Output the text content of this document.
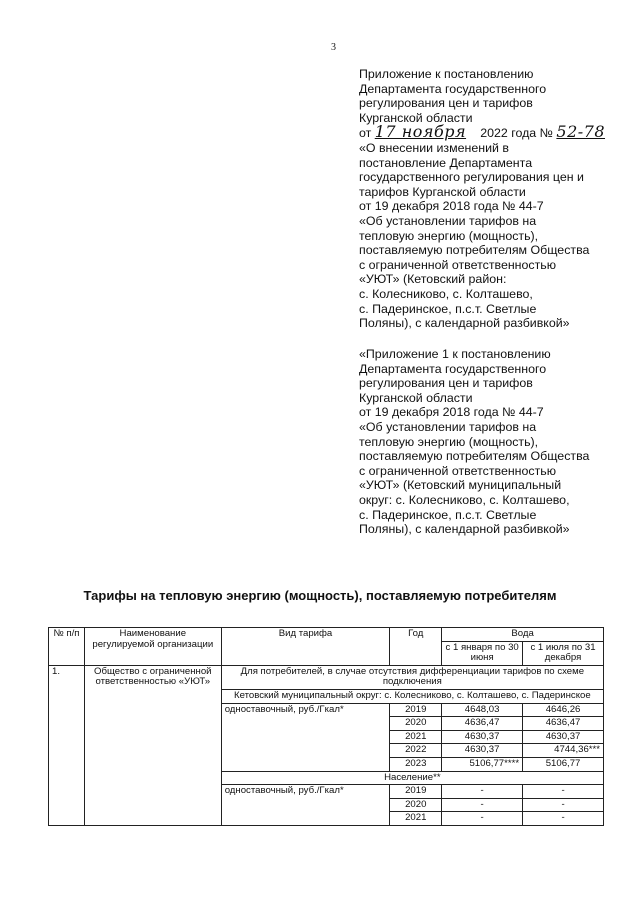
3
Приложение к постановлению
Департамента государственного
регулирования цен и тарифов
Курганской области
от 17 ноября 2022 года № 52-78
«О внесении изменений в
постановление Департамента
государственного регулирования цен и
тарифов Курганской области
от 19 декабря 2018 года № 44-7
«Об установлении тарифов на
тепловую энергию (мощность),
поставляемую потребителям Общества
с ограниченной ответственностью
«УЮТ» (Кетовский район:
с. Колесниково, с. Колташево,
с. Падеринское, п.с.т. Светлые
Поляны), с календарной разбивкой»
«Приложение 1 к постановлению
Департамента государственного
регулирования цен и тарифов
Курганской области
от 19 декабря 2018 года № 44-7
«Об установлении тарифов на
тепловую энергию (мощность),
поставляемую потребителям Общества
с ограниченной ответственностью
«УЮТ» (Кетовский муниципальный
округ: с. Колесниково, с. Колташево,
с. Падеринское, п.с.т. Светлые
Поляны), с календарной разбивкой»
Тарифы на тепловую энергию (мощность), поставляемую потребителям
№ п/п	Наименование регулируемой организации	Вид тарифа	Год	Вода	
				с 1 января по 30 июня	с 1 июля по 31 декабря
1.	Общество с ограниченной ответственностью «УЮТ»	Для потребителей, в случае отсутствия дифференциации тарифов по схеме подключения			
		Кетовский муниципальный округ: с. Колесниково, с. Колташево, с. Падеринское			
		одноставочный, руб./Гкал*	2019	4648,03	4646,26
			2020	4636,47	4636,47
			2021	4630,37	4630,37
			2022	4630,37	4744,36***
			2023	5106,77****	5106,77
		Население**			
		одноставочный, руб./Гкал*	2019	-	-
			2020	-	-
			2021	-	-
